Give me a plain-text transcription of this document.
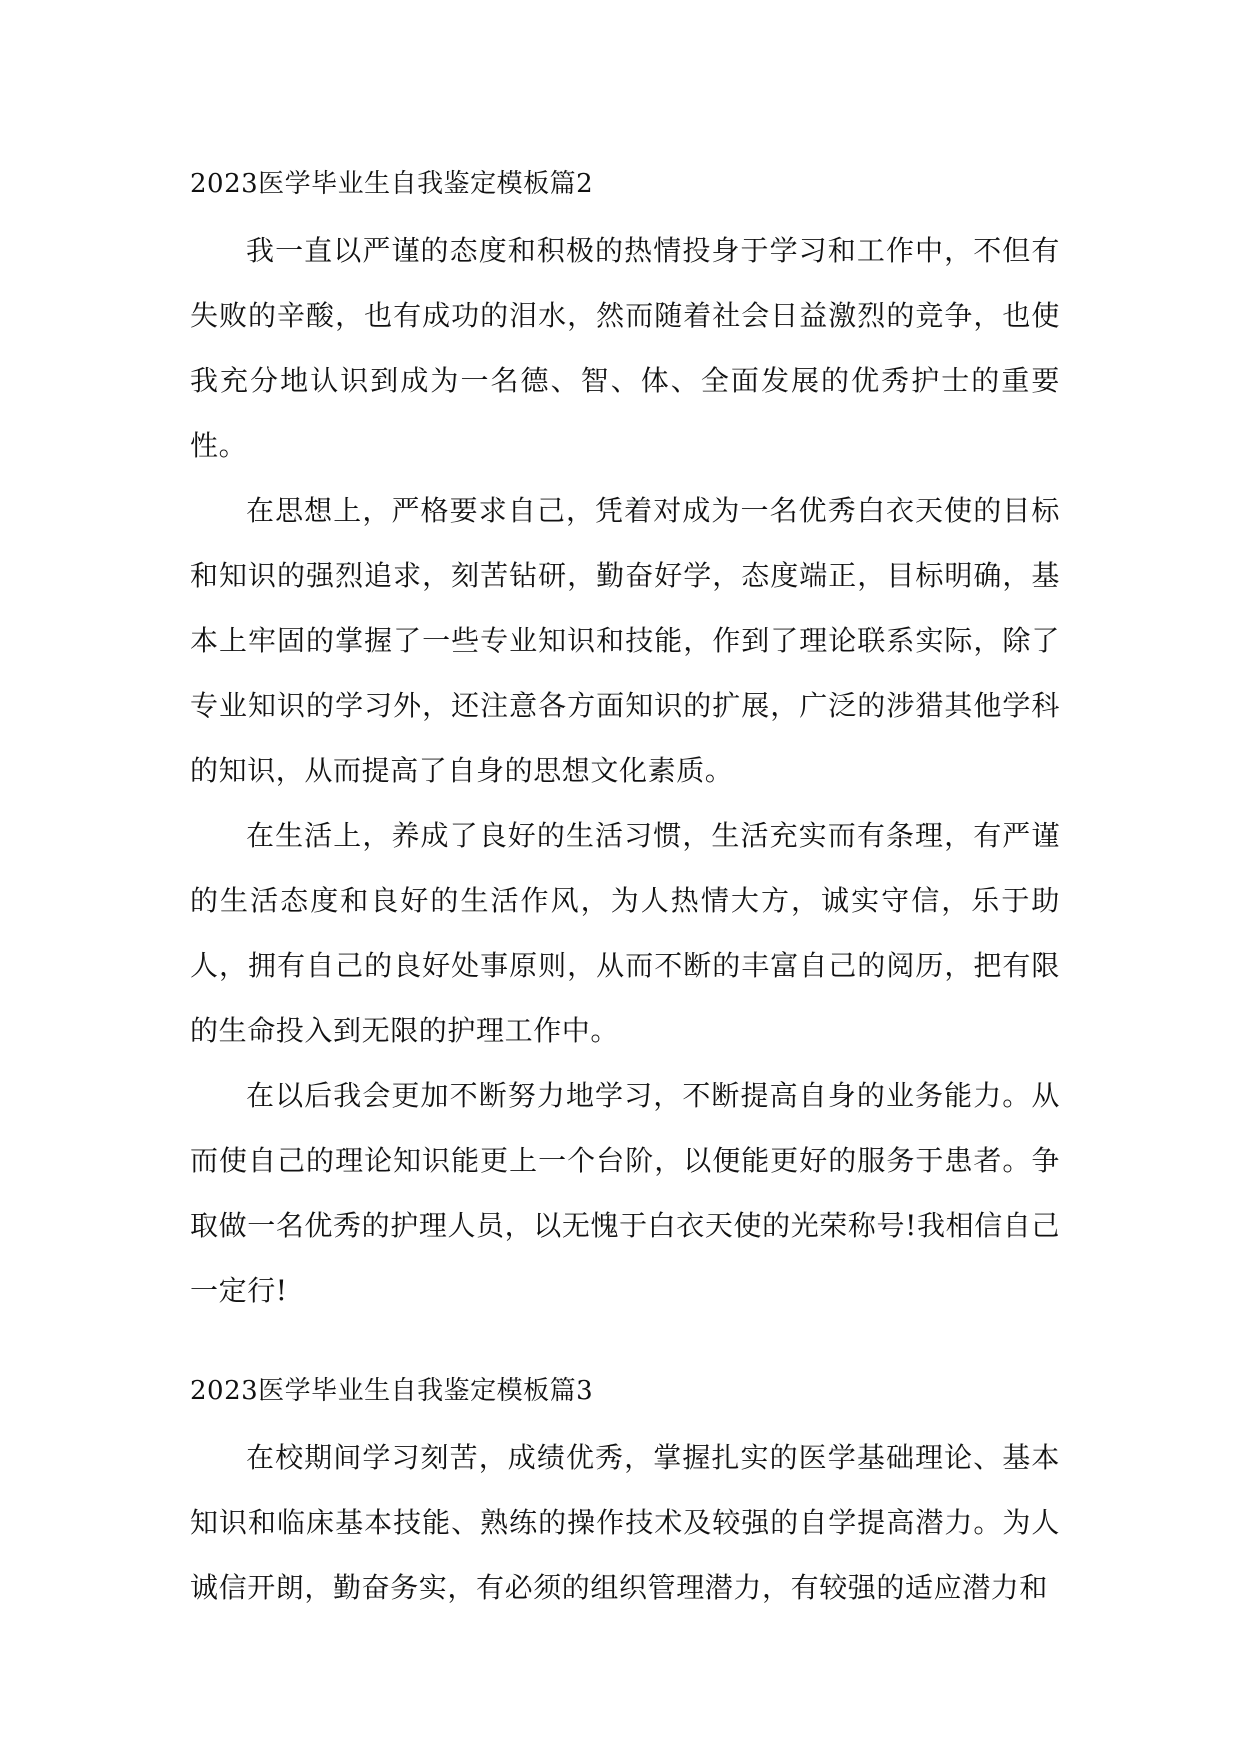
2023医学毕业生自我鉴定模板篇2

我一直以严谨的态度和积极的热情投身于学习和工作中，不但有失败的辛酸，也有成功的泪水，然而随着社会日益激烈的竞争，也使我充分地认识到成为一名德、智、体、全面发展的优秀护士的重要性。

在思想上，严格要求自己，凭着对成为一名优秀白衣天使的目标和知识的强烈追求，刻苦钻研，勤奋好学，态度端正，目标明确，基本上牢固的掌握了一些专业知识和技能，作到了理论联系实际，除了专业知识的学习外，还注意各方面知识的扩展，广泛的涉猎其他学科的知识，从而提高了自身的思想文化素质。

在生活上，养成了良好的生活习惯，生活充实而有条理，有严谨的生活态度和良好的生活作风，为人热情大方，诚实守信，乐于助人，拥有自己的良好处事原则，从而不断的丰富自己的阅历，把有限的生命投入到无限的护理工作中。

在以后我会更加不断努力地学习，不断提高自身的业务能力。从而使自己的理论知识能更上一个台阶，以便能更好的服务于患者。争取做一名优秀的护理人员，以无愧于白衣天使的光荣称号!我相信自己一定行!

2023医学毕业生自我鉴定模板篇3

在校期间学习刻苦，成绩优秀，掌握扎实的医学基础理论、基本知识和临床基本技能、熟练的操作技术及较强的自学提高潜力。为人诚信开朗，勤奋务实，有必须的组织管理潜力，有较强的适应潜力和
